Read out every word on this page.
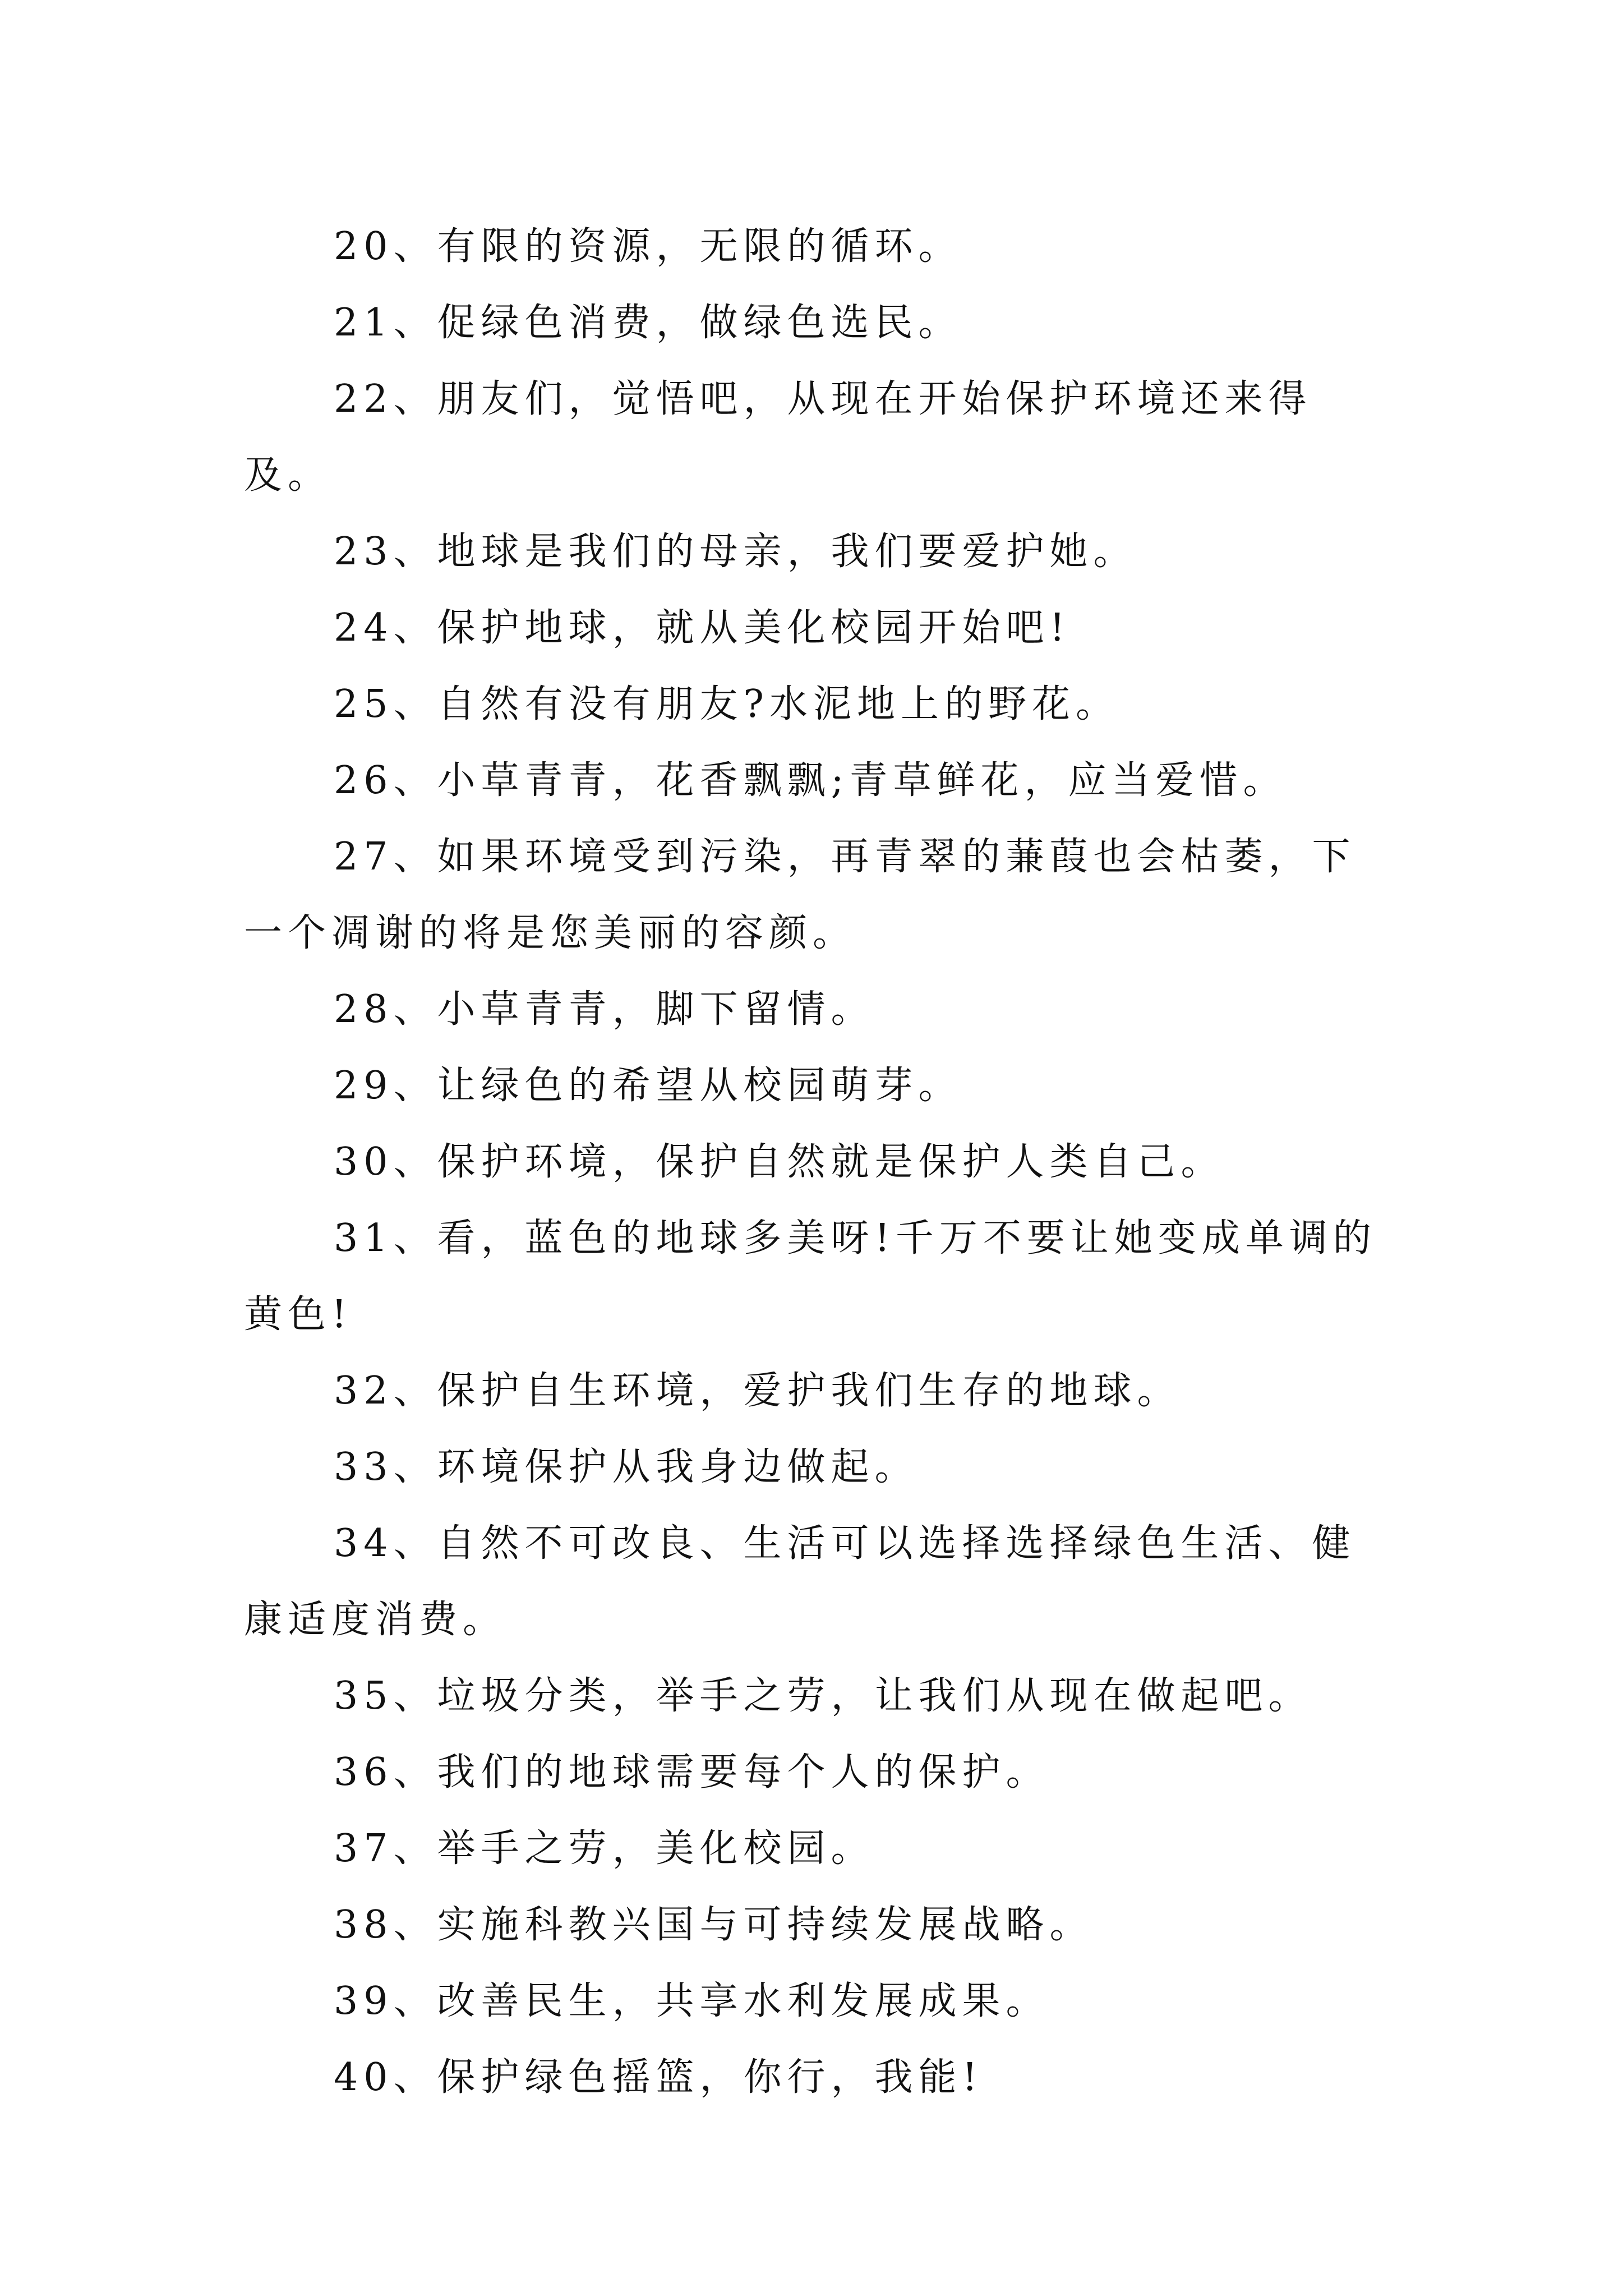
20、有限的资源，无限的循环。

21、促绿色消费，做绿色选民。

22、朋友们，觉悟吧，从现在开始保护环境还来得及。

23、地球是我们的母亲，我们要爱护她。

24、保护地球，就从美化校园开始吧!

25、自然有没有朋友?水泥地上的野花。

26、小草青青，花香飘飘;青草鲜花，应当爱惜。

27、如果环境受到污染，再青翠的蒹葭也会枯萎，下一个凋谢的将是您美丽的容颜。

28、小草青青，脚下留情。

29、让绿色的希望从校园萌芽。

30、保护环境，保护自然就是保护人类自己。

31、看，蓝色的地球多美呀!千万不要让她变成单调的黄色!

32、保护自生环境，爱护我们生存的地球。

33、环境保护从我身边做起。

34、自然不可改良、生活可以选择选择绿色生活、健康适度消费。

35、垃圾分类，举手之劳，让我们从现在做起吧。

36、我们的地球需要每个人的保护。

37、举手之劳，美化校园。

38、实施科教兴国与可持续发展战略。

39、改善民生，共享水利发展成果。

40、保护绿色摇篮，你行，我能!
